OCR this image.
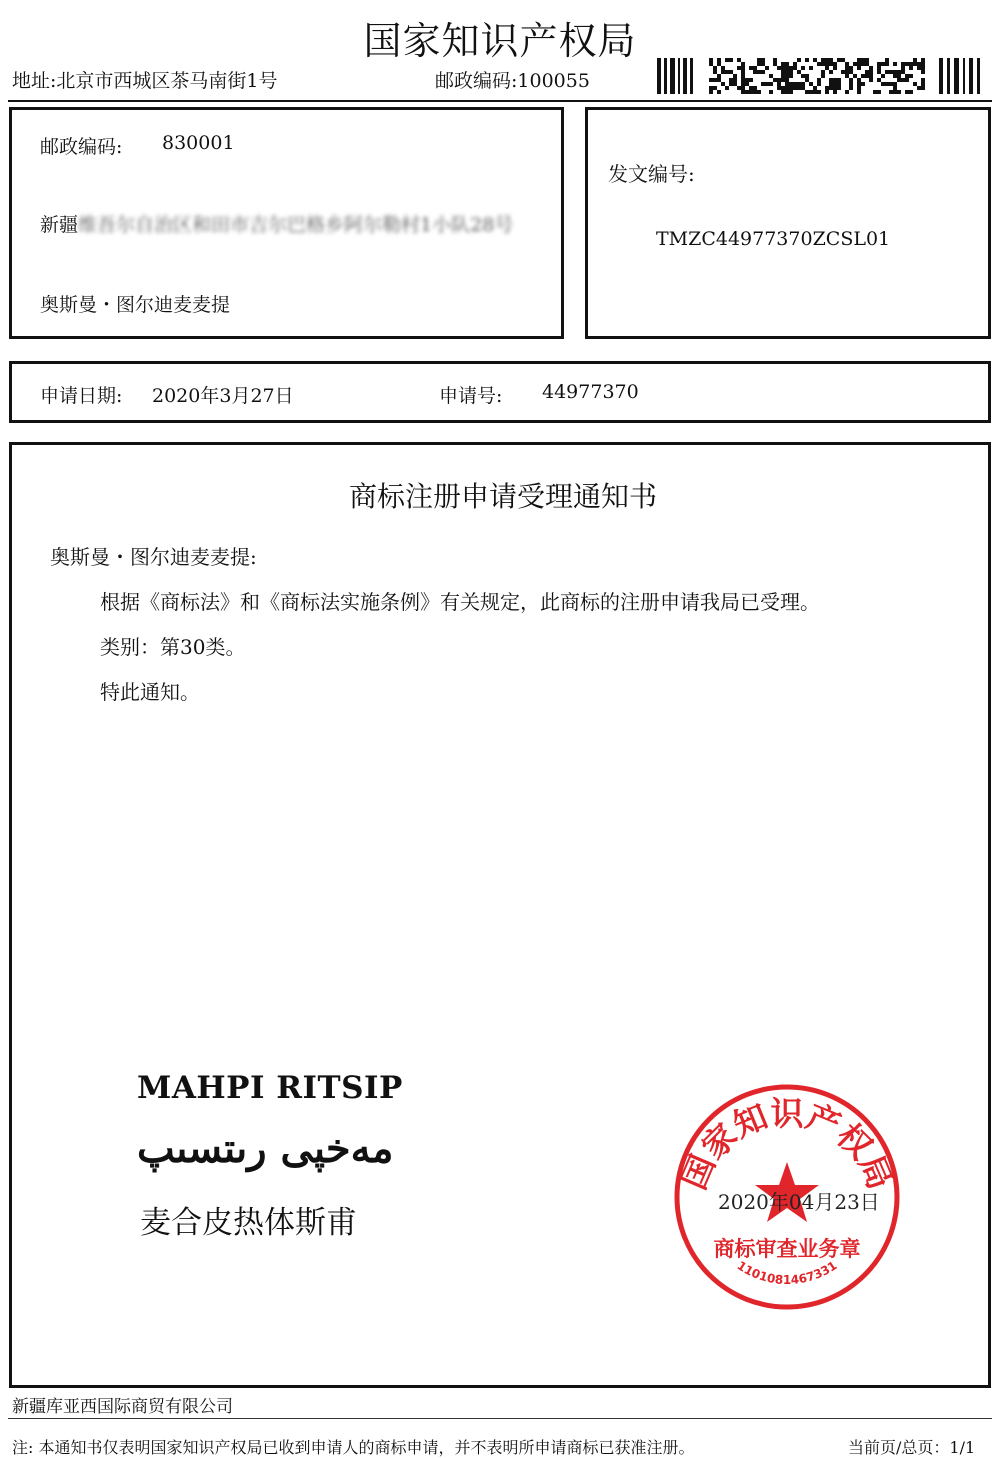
国家知识产权局
地址:北京市西城区茶马南街1号	邮政编码:100055
邮政编码: 830001
新疆维吾尔自治区和田市吉尔巴格乡阿尔勒村1小队28号
奥斯曼・图尔迪麦麦提
发文编号:
TMZC44977370ZCSL01
申请日期: 2020年3月27日	申请号: 44977370
商标注册申请受理通知书
奥斯曼・图尔迪麦麦提:
根据《商标法》和《商标法实施条例》有关规定，此商标的注册申请我局已受理。
类别：第30类。
特此通知。
MAHPI RITSIP
مەخپى رىتسىپ
麦合皮热体斯甫
国家知识产权局
商标审查业务章
1101081467331
2020年04月23日
新疆库亚西国际商贸有限公司
注: 本通知书仅表明国家知识产权局已收到申请人的商标申请，并不表明所申请商标已获准注册。	当前页/总页：1/1
